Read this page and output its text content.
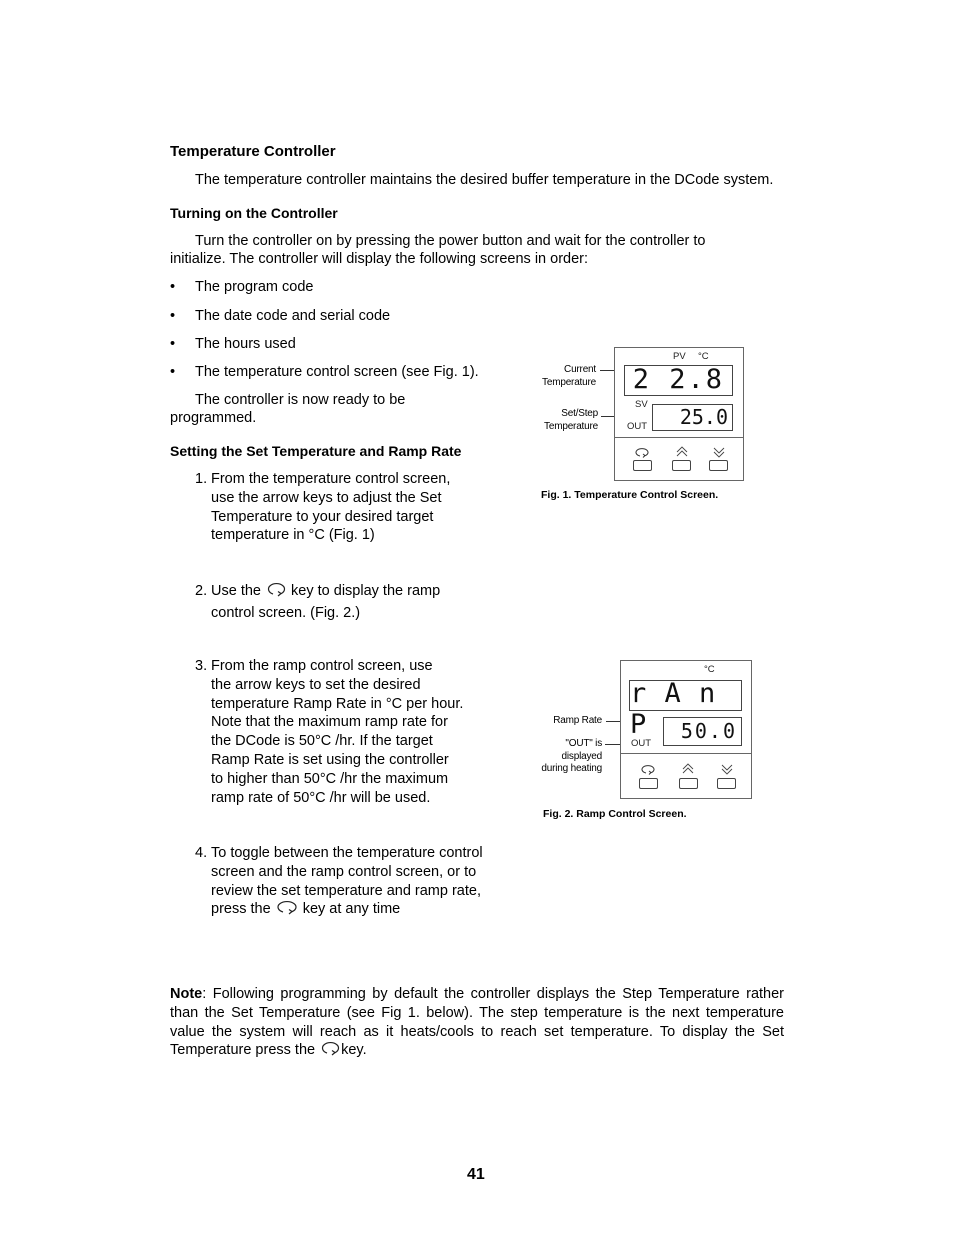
Temperature Controller
The temperature controller maintains the desired buffer temperature in the DCode system.
Turning on the Controller
Turn the controller on by pressing the power button and wait for the controller to
initialize. The controller will display the following screens in order:
• The program code
• The date code and serial code
• The hours used
• The temperature control screen (see Fig. 1).
The controller is now ready to be
programmed.
Setting the Set Temperature and Ramp Rate
1. From the temperature control screen,
use the arrow keys to adjust the Set
Temperature to your desired target
temperature in °C (Fig. 1)
2. Use the key to display the ramp
control screen. (Fig. 2.)
3. From the ramp control screen, use
the arrow keys to set the desired
temperature Ramp Rate in °C per hour.
Note that the maximum ramp rate for
the DCode is 50°C /hr. If the target
Ramp Rate is set using the controller
to higher than 50°C /hr the maximum
ramp rate of 50°C /hr will be used.
4. To toggle between the temperature control
screen and the ramp control screen, or to
review the set temperature and ramp rate,
press the key at any time
Current
Temperature
Set/Step
Temperature
PV °C
2 2.8
SV
OUT 25.0
Fig. 1. Temperature Control Screen.
Ramp Rate
"OUT" is
displayed
during heating
°C
r A n P	50.0
OUT
Fig. 2. Ramp Control Screen.
Note: Following programming by default the controller displays the Step Temperature rather
than the Set Temperature (see Fig 1. below). The step temperature is the next temperature
value the system will reach as it heats/cools to reach set temperature. To display the Set
Temperature press the key.
41
